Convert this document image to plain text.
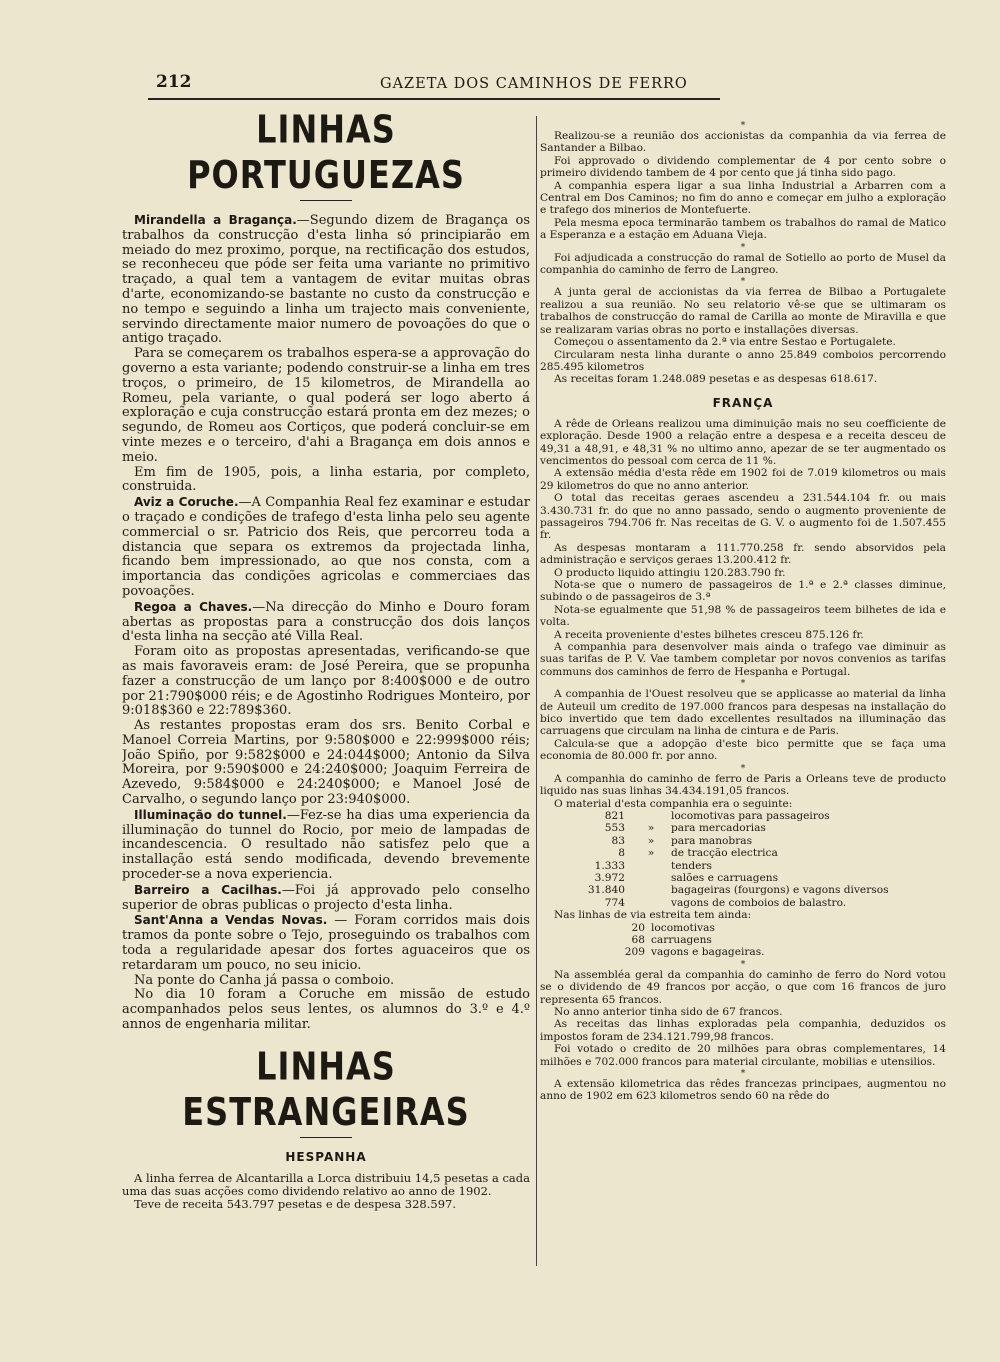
212	GAZETA DOS CAMINHOS DE FERRO
LINHAS PORTUGUEZAS

Mirandella a Bragança.—Segundo dizem de Bragança os trabalhos da construcção d'esta linha só principiarão em meiado do mez proximo, porque, na rectificação dos estudos, se reconheceu que póde ser feita uma variante no primitivo traçado, a qual tem a vantagem de evitar muitas obras d'arte, economizando-se bastante no custo da construcção e no tempo e seguindo a linha um trajecto mais conveniente, servindo directamente maior numero de povoações do que o antigo traçado.

Para se começarem os trabalhos espera-se a approvação do governo a esta variante; podendo construir-se a linha em tres troços, o primeiro, de 15 kilometros, de Mirandella ao Romeu, pela variante, o qual poderá ser logo aberto á exploração e cuja construcção estará pronta em dez mezes; o segundo, de Romeu aos Cortiços, que poderá concluir-se em vinte mezes e o terceiro, d'ahi a Bragança em dois annos e meio.

Em fim de 1905, pois, a linha estaria, por completo, construida.

Aviz a Coruche.—A Companhia Real fez examinar e estudar o traçado e condições de trafego d'esta linha pelo seu agente commercial o sr. Patricio dos Reis, que percorreu toda a distancia que separa os extremos da projectada linha, ficando bem impressionado, ao que nos consta, com a importancia das condições agricolas e commerciaes das povoações.

Regoa a Chaves.—Na direcção do Minho e Douro foram abertas as propostas para a construcção dos dois lanços d'esta linha na secção até Villa Real.

Foram oito as propostas apresentadas, verificando-se que as mais favoraveis eram: de José Pereira, que se propunha fazer a construcção de um lanço por 8:400$000 e de outro por 21:790$000 réis; e de Agostinho Rodrigues Monteiro, por 9:018$360 e 22:789$360.

As restantes propostas eram dos srs. Benito Corbal e Manoel Correia Martins, por 9:580$000 e 22:999$000 réis; João Spiño, por 9:582$000 e 24:044$000; Antonio da Silva Moreira, por 9:590$000 e 24:240$000; Joaquim Ferreira de Azevedo, 9:584$000 e 24:240$000; e Manoel José de Carvalho, o segundo lanço por 23:940$000.

Illuminação do tunnel.—Fez-se ha dias uma experiencia da illuminação do tunnel do Rocio, por meio de lampadas de incandescencia. O resultado não satisfez pelo que a installação está sendo modificada, devendo brevemente proceder-se a nova experiencia.

Barreiro a Cacilhas.—Foi já approvado pelo conselho superior de obras publicas o projecto d'esta linha.

Sant'Anna a Vendas Novas. — Foram corridos mais dois tramos da ponte sobre o Tejo, proseguindo os trabalhos com toda a regularidade apesar dos fortes aguaceiros que os retardaram um pouco, no seu inicio.

Na ponte do Canha já passa o comboio.

No dia 10 foram a Coruche em missão de estudo acompanhados pelos seus lentes, os alumnos do 3.º e 4.º annos de engenharia militar.

LINHAS ESTRANGEIRAS
HESPANHA

A linha ferrea de Alcantarilla a Lorca distribuiu 14,5 pesetas a cada uma das suas acções como dividendo relativo ao anno de 1902.

Teve de receita 543.797 pesetas e de despesa 328.597.

*

Realizou-se a reunião dos accionistas da companhia da via ferrea de Santander a Bilbao.

Foi approvado o dividendo complementar de 4 por cento sobre o primeiro dividendo tambem de 4 por cento que já tinha sido pago.

A companhia espera ligar a sua linha Industrial a Arbarren com a Central em Dos Caminos; no fim do anno e começar em julho a exploração e trafego dos minerios de Montefuerte.

Pela mesma epoca terminarão tambem os trabalhos do ramal de Matico a Esperanza e a estação em Aduana Vieja.

*

Foi adjudicada a construcção do ramal de Sotiello ao porto de Musel da companhia do caminho de ferro de Langreo.

*

A junta geral de accionistas da via ferrea de Bilbao a Portugalete realizou a sua reunião. No seu relatorio vê-se que se ultimaram os trabalhos de construcção do ramal de Carilla ao monte de Miravilla e que se realizaram varias obras no porto e installações diversas.

Começou o assentamento da 2.ª via entre Sestao e Portugalete.

Circularam nesta linha durante o anno 25.849 comboios percorrendo 285.495 kilometros

As receitas foram 1.248.089 pesetas e as despesas 618.617.

FRANÇA

A rêde de Orleans realizou uma diminuição mais no seu coefficiente de exploração. Desde 1900 a relação entre a despesa e a receita desceu de 49,31 a 48,91, e 48,31 % no ultimo anno, apezar de se ter augmentado os vencimentos do pessoal com cerca de 11 %.

A extensão média d'esta rêde em 1902 foi de 7.019 kilometros ou mais 29 kilometros do que no anno anterior.

O total das receitas geraes ascendeu a 231.544.104 fr. ou mais 3.430.731 fr. do que no anno passado, sendo o augmento proveniente de passageiros 794.706 fr. Nas receitas de G. V. o augmento foi de 1.507.455 fr.

As despesas montaram a 111.770.258 fr. sendo absorvidos pela administração e serviços geraes 13.200.412 fr.

O producto liquido attingiu 120.283.790 fr.

Nota-se que o numero de passageiros de 1.ª e 2.ª classes diminue, subindo o de passageiros de 3.ª

Nota-se egualmente que 51,98 % de passageiros teem bilhetes de ida e volta.

A receita proveniente d'estes bilhetes cresceu 875.126 fr.

A companhia para desenvolver mais ainda o trafego vae diminuir as suas tarifas de P. V. Vae tambem completar por novos convenios as tarifas communs dos caminhos de ferro de Hespanha e Portugal.

*

A companhia de l'Ouest resolveu que se applicasse ao material da linha de Auteuil um credito de 197.000 francos para despesas na installação do bico invertido que tem dado excellentes resultados na illuminação das carruagens que circulam na linha de cintura e de Paris.

Calcula-se que a adopção d'este bico permitte que se faça uma economia de 80.000 fr. por anno.

*

A companhia do caminho de ferro de Paris a Orleans teve de producto liquido nas suas linhas 34.434.191,05 francos.

O material d'esta companhia era o seguinte:

821	locomotivas para passageiros
553	»	para mercadorias
83	»	para manobras
8	»	de tracção electrica
1.333	tenders
3.972	salões e carruagens
31.840	bagageiras (fourgons) e vagons diversos
774	vagons de comboios de balastro.

Nas linhas de via estreita tem ainda:

20 locomotivas
68 carruagens
209 vagons e bagageiras.
*

Na assembléa geral da companhia do caminho de ferro do Nord votou se o dividendo de 49 francos por acção, o que com 16 francos de juro representa 65 francos.

No anno anterior tinha sido de 67 francos.

As receitas das linhas exploradas pela companhia, deduzidos os impostos foram de 234.121.799,98 francos.

Foi votado o credito de 20 milhões para obras complementares, 14 milhões e 702.000 francos para material circulante, mobilias e utensilios.

*

A extensão kilometrica das rêdes francezas principaes, augmentou no anno de 1902 em 623 kilometros sendo 60 na rêde do
